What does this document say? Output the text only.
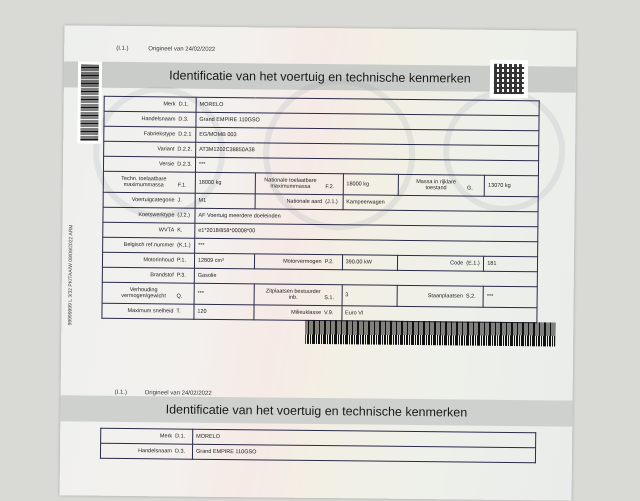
(I.1.)	Origineel van 24/02/2022
Identificatie van het voertuig en technische kenmerken
Merk D.1.	MORELO				
Handelsnaam D.3.	Grand EMPIRE 110GSO				
Fabriekstype D.2.1	EG/MOMB 003				
Variant D.2.2.	AT3M1202C38850A38				
Versie D.2.3.	***				
Techn. toelaatbare maximummassa F.1.	18000 kg	Nationale toelaatbare maximummassa F.2.	18000 kg	Massa in rijklare toestand G.	13070 kg
Voertuigcategorie J.	M1	Nationale aard (J.1.)	Kampeerwagen		
Koetswerktype (J.2.)	AF Voertuig meerdere doeleinden				
WVTA K.	e1*2018/858*00008*00				
Belgisch ref.nummer (K.1.)	***				
Motorinhoud P.1.	12809 cm³	Motorvermogen P.2.	390.00 kW	Code (E.1.)	181
Brandstof P.3.	Gasolie				
Verhouding vermogen/gewicht Q.	***	Zitplaatsen bestuurder inb. S.1.	3	Staanplaatsen S.2.	***
Maximum snelheid T.	120	Milieuklasse V.9.	Euro VI		
99999999 L 3/32 PK/TAA/W 09/09/2022 ARM
(I.1.)	Origineel van 24/02/2022
Identificatie van het voertuig en technische kenmerken
Merk D.1.	MORELO
Handelsnaam D.3.	Grand EMPIRE 110GSO
